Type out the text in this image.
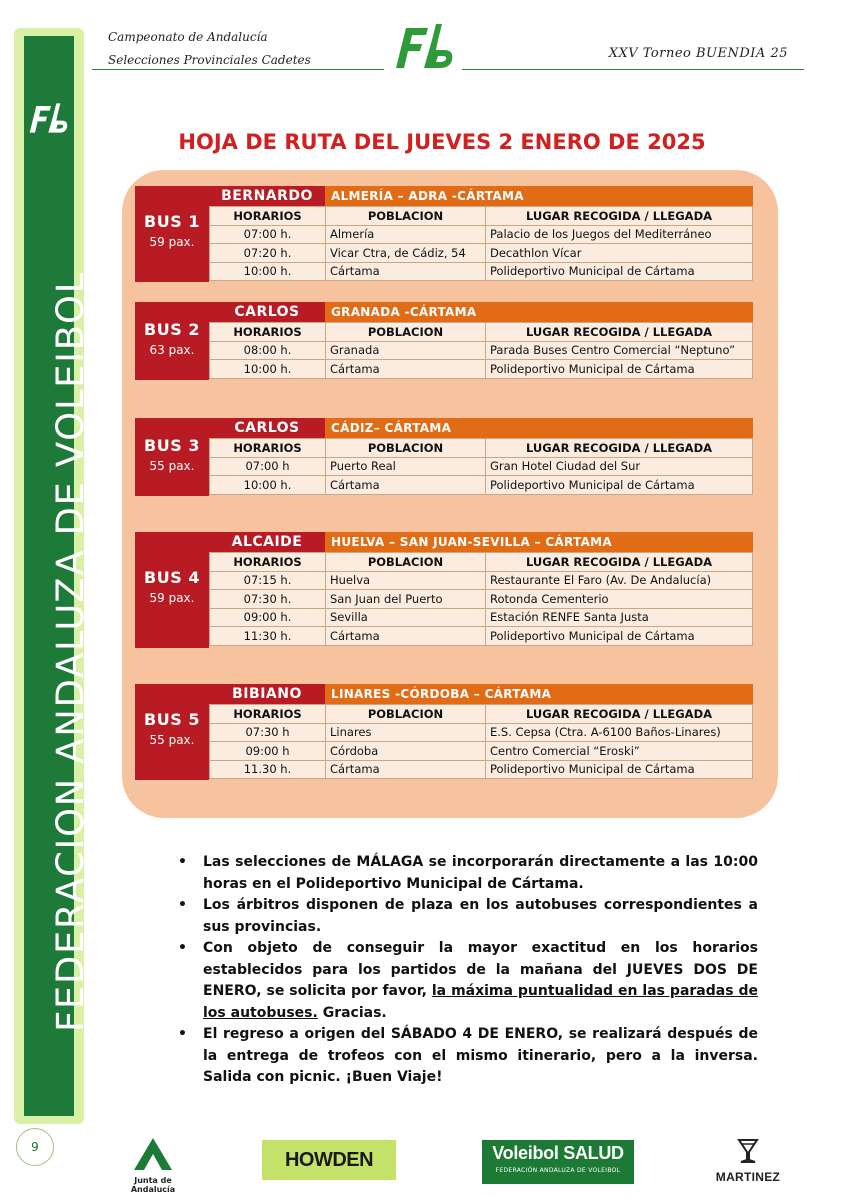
Campeonato de Andalucía
Selecciones Provinciales Cadetes	XXV Torneo BUENDIA 25
FEDERACION ANDALUZA DE VOLEIBOL
HOJA DE RUTA DEL JUEVES 2 ENERO DE 2025
BUS 1
59 pax.
BERNARDO	ALMERÍA – ADRA -CÁRTAMA
HORARIOS	POBLACION	LUGAR RECOGIDA / LLEGADA
07:00 h.	Almería	Palacio de los Juegos del Mediterráneo
07:20 h.	Vicar Ctra, de Cádiz, 54	Decathlon Vícar
10:00 h.	Cártama	Polideportivo Municipal de Cártama
BUS 2
63 pax.
CARLOS	GRANADA -CÁRTAMA
HORARIOS	POBLACION	LUGAR RECOGIDA / LLEGADA
08:00 h.	Granada	Parada Buses Centro Comercial “Neptuno”
10:00 h.	Cártama	Polideportivo Municipal de Cártama
BUS 3
55 pax.
CARLOS	CÁDIZ– CÁRTAMA
HORARIOS	POBLACION	LUGAR RECOGIDA / LLEGADA
07:00 h	Puerto Real	Gran Hotel Ciudad del Sur
10:00 h.	Cártama	Polideportivo Municipal de Cártama
BUS 4
59 pax.
ALCAIDE	HUELVA – SAN JUAN-SEVILLA – CÁRTAMA
HORARIOS	POBLACION	LUGAR RECOGIDA / LLEGADA
07:15 h.	Huelva	Restaurante El Faro (Av. De Andalucía)
07:30 h.	San Juan del Puerto	Rotonda Cementerio
09:00 h.	Sevilla	Estación RENFE Santa Justa
11:30 h.	Cártama	Polideportivo Municipal de Cártama
BUS 5
55 pax.
BIBIANO	LINARES -CÓRDOBA – CÁRTAMA
HORARIOS	POBLACION	LUGAR RECOGIDA / LLEGADA
07:30 h	Linares	E.S. Cepsa (Ctra. A-6100 Baños-Linares)
09:00 h	Córdoba	Centro Comercial “Eroski”
11.30 h.	Cártama	Polideportivo Municipal de Cártama
• Las selecciones de MÁLAGA se incorporarán directamente a las 10:00 horas en el Polideportivo Municipal de Cártama.
• Los árbitros disponen de plaza en los autobuses correspondientes a sus provincias.
• Con objeto de conseguir la mayor exactitud en los horarios establecidos para los partidos de la mañana del JUEVES DOS DE ENERO, se solicita por favor, la máxima puntualidad en las paradas de los autobuses. Gracias.
• El regreso a origen del SÁBADO 4 DE ENERO, se realizará después de la entrega de trofeos con el mismo itinerario, pero a la inversa. Salida con picnic. ¡Buen Viaje!
9
Junta de Andalucía
HOWDEN	Voleibol SALUD
FEDERACIÓN ANDALUZA DE VOLEIBOL	MARTINEZ
